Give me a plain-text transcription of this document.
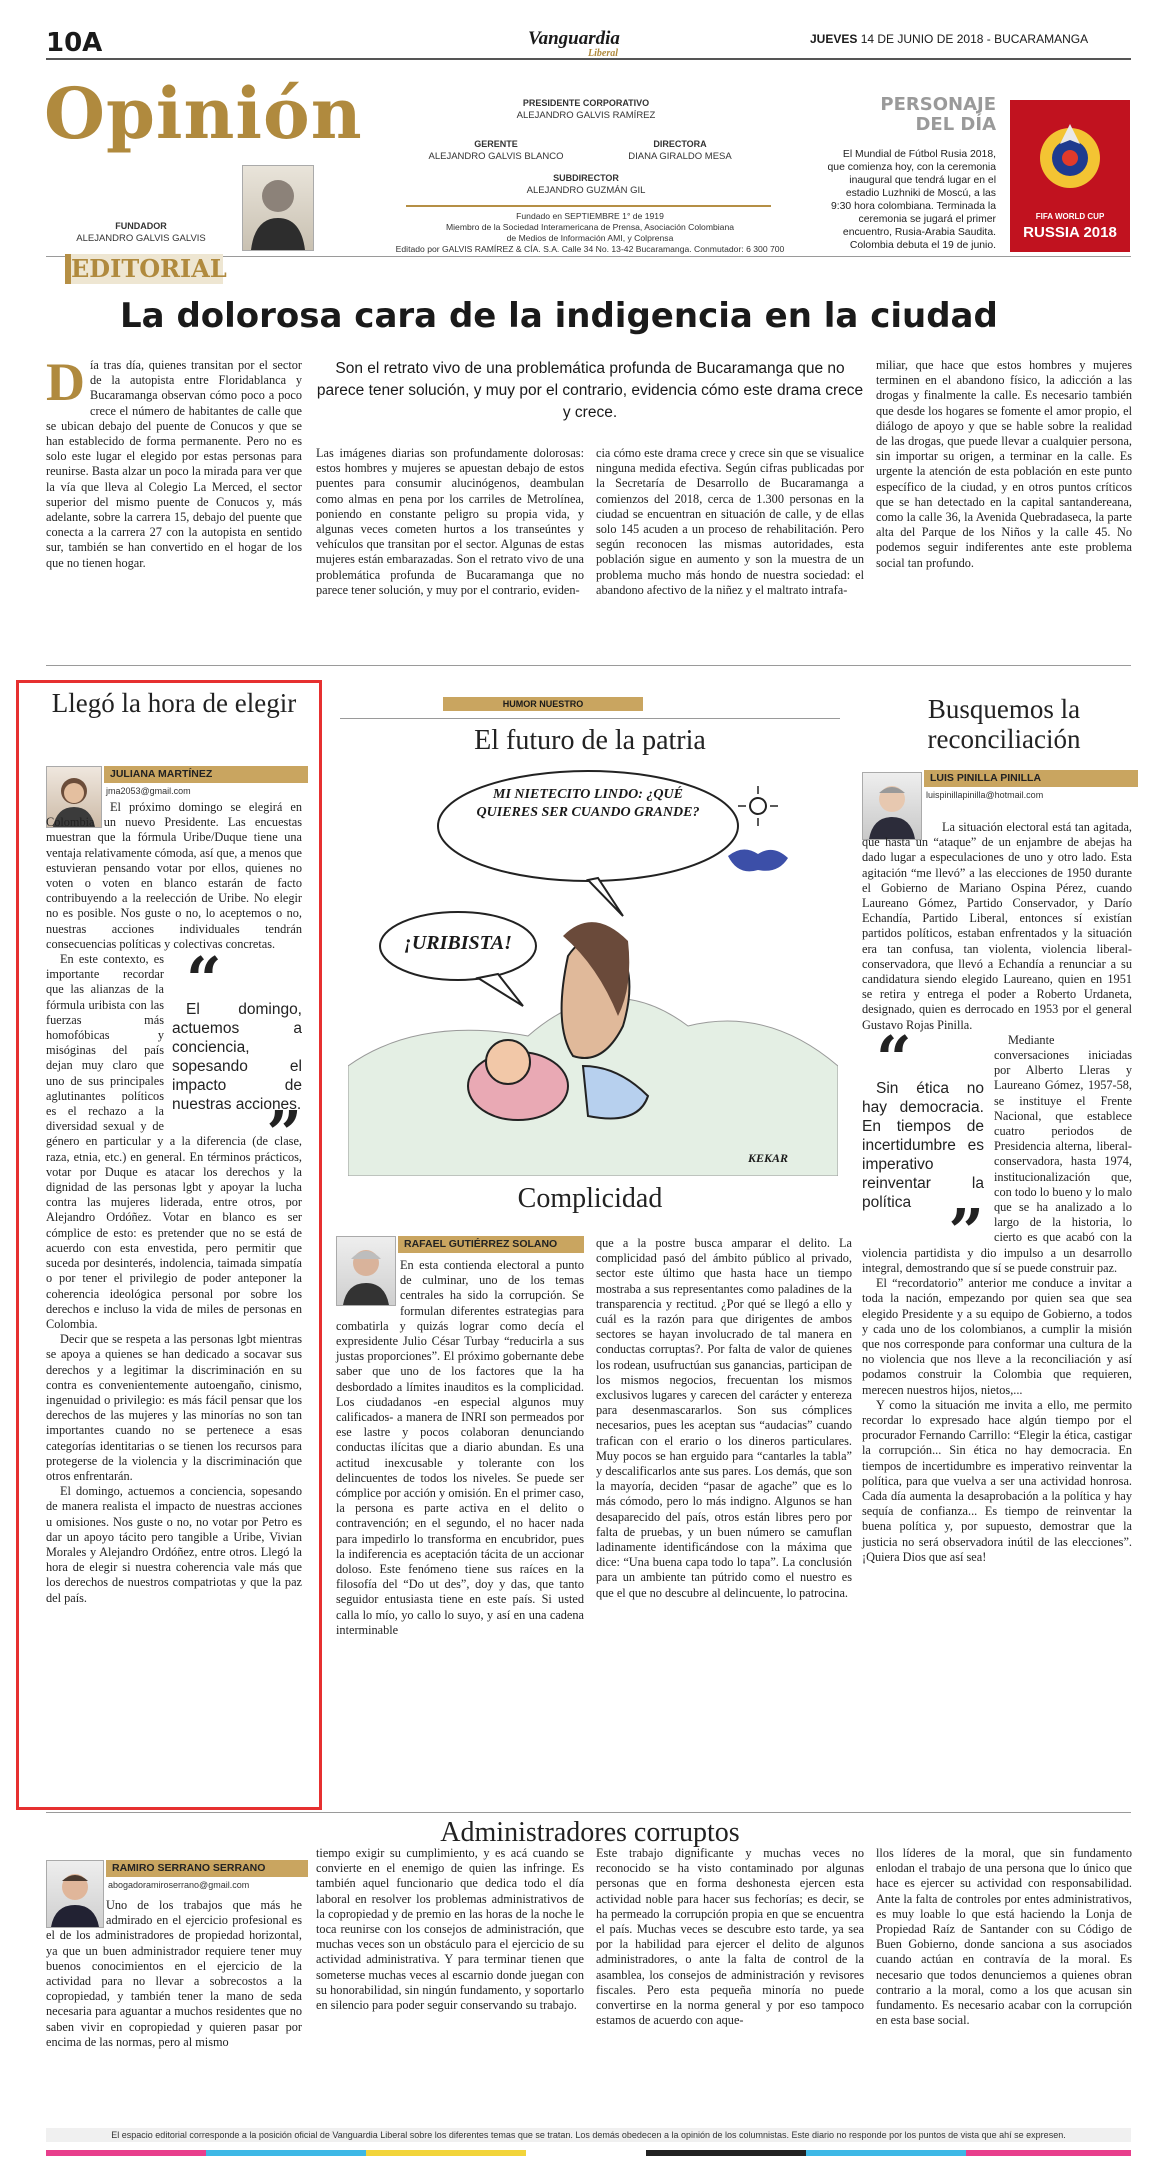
10A	Vanguardia
Liberal
JUEVES 14 DE JUNIO DE 2018 - BUCARAMANGA
Opinión
FUNDADOR
ALEJANDRO GALVIS GALVIS
PRESIDENTE CORPORATIVO
ALEJANDRO GALVIS RAMÍREZ
GERENTE
ALEJANDRO GALVIS BLANCO
DIRECTORA
DIANA GIRALDO MESA
SUBDIRECTOR
ALEJANDRO GUZMÁN GIL
Fundado en SEPTIEMBRE 1° de 1919
Miembro de la Sociedad Interamericana de Prensa, Asociación Colombiana
de Medios de Información AMI, y Colprensa
Editado por GALVIS RAMÍREZ & CÍA. S.A. Calle 34 No. 13-42 Bucaramanga. Conmutador: 6 300 700
PERSONAJE
DEL DÍA
El Mundial de Fútbol Rusia 2018, que comienza hoy, con la ceremonia inaugural que tendrá lugar en el estadio Luzhniki de Moscú, a las 9:30 hora colombiana. Terminada la ceremonia se jugará el primer encuentro, Rusia-Arabia Saudita. Colombia debuta el 19 de junio.
FIFA WORLD CUP
RUSSIA 2018
EDITORIAL
La dolorosa cara de la indigencia en la ciudad
Día tras día, quienes transitan por el sector de la autopista entre Floridablanca y Bucaramanga observan cómo poco a poco crece el número de habitantes de calle que se ubican debajo del puente de Conucos y que se han establecido de forma permanente. Pero no es solo este lugar el elegido por estas personas para reunirse. Basta alzar un poco la mirada para ver que la vía que lleva al Colegio La Merced, el sector superior del mismo puente de Conucos y, más adelante, sobre la carrera 15, debajo del puente que conecta a la carrera 27 con la autopista en sentido sur, también se han convertido en el hogar de los que no tienen hogar.
Son el retrato vivo de una problemática profunda de Bucaramanga que no parece tener solución, y muy por el contrario, evidencia cómo este drama crece y crece.
Las imágenes diarias son profundamente dolorosas: estos hombres y mujeres se apuestan debajo de estos puentes para consumir alucinógenos, deambulan como almas en pena por los carriles de Metrolínea, poniendo en constante peligro su propia vida, y algunas veces cometen hurtos a los transeúntes y vehículos que transitan por el sector. Algunas de estas mujeres están embarazadas. Son el retrato vivo de una problemática profunda de Bucaramanga que no parece tener solución, y muy por el contrario, eviden-
cia cómo este drama crece y crece sin que se visualice ninguna medida efectiva. Según cifras publicadas por la Secretaría de Desarrollo de Bucaramanga a comienzos del 2018, cerca de 1.300 personas en la ciudad se encuentran en situación de calle, y de ellas solo 145 acuden a un proceso de rehabilitación. Pero según reconocen las mismas autoridades, esta población sigue en aumento y son la muestra de un problema mucho más hondo de nuestra sociedad: el abandono afectivo de la niñez y el maltrato intrafa-
miliar, que hace que estos hombres y mujeres terminen en el abandono físico, la adicción a las drogas y finalmente la calle. Es necesario también que desde los hogares se fomente el amor propio, el diálogo de apoyo y que se hable sobre la realidad de las drogas, que puede llevar a cualquier persona, sin importar su origen, a terminar en la calle. Es urgente la atención de esta población en este punto específico de la ciudad, y en otros puntos críticos que se han detectado en la capital santandereana, como la calle 36, la Avenida Quebradaseca, la parte alta del Parque de los Niños y la calle 45. No podemos seguir indiferentes ante este problema social tan profundo.
Llegó la hora de elegir
JULIANA MARTÍNEZ
jma2053@gmail.com

El próximo domingo se elegirá en Colombia un nuevo Presidente. Las encuestas muestran que la fórmula Uribe/Duque tiene una ventaja relativamente cómoda, así que, a menos que estuvieran pensando votar por ellos, quienes no voten o voten en blanco estarán de facto contribuyendo a la reelección de Uribe. No elegir no es posible. Nos guste o no, lo aceptemos o no, nuestras acciones individuales tendrán consecuencias políticas y colectivas concretas.

“
El domingo, actuemos a conciencia, sopesando el impacto de nuestras acciones.
”
En este contexto, es importante recordar que las alianzas de la fórmula uribista con las fuerzas más homofóbicas y misóginas del país dejan muy claro que uno de sus principales aglutinantes políticos es el rechazo a la diversidad sexual y de género en particular y a la diferencia (de clase, raza, etnia, etc.) en general. En términos prácticos, votar por Duque es atacar los derechos y la dignidad de las personas lgbt y apoyar la lucha contra las mujeres liderada, entre otros, por Alejandro Ordóñez. Votar en blanco es ser cómplice de esto: es pretender que no se está de acuerdo con esta envestida, pero permitir que suceda por desinterés, indolencia, taimada simpatía o por tener el privilegio de poder anteponer la coherencia ideológica personal por sobre los derechos e incluso la vida de miles de personas en Colombia.

Decir que se respeta a las personas lgbt mientras se apoya a quienes se han dedicado a socavar sus derechos y a legitimar la discriminación en su contra es convenientemente autoengaño, cinismo, ingenuidad o privilegio: es más fácil pensar que los derechos de las mujeres y las minorías no son tan importantes cuando no se pertenece a esas categorías identitarias o se tienen los recursos para protegerse de la violencia y la discriminación que otros enfrentarán.

El domingo, actuemos a conciencia, sopesando de manera realista el impacto de nuestras acciones u omisiones. Nos guste o no, no votar por Petro es dar un apoyo tácito pero tangible a Uribe, Vivian Morales y Alejandro Ordóñez, entre otros. Llegó la hora de elegir si nuestra coherencia vale más que los derechos de nuestros compatriotas y que la paz del país.

HUMOR NUESTRO
El futuro de la patria
MI NIETECITO LINDO: ¿QUÉ QUIERES SER CUANDO GRANDE?
¡URIBISTA!
KEKAR
Busquemos la reconciliación
LUIS PINILLA PINILLA
luispinillapinilla@hotmail.com

La situación electoral está tan agitada, que hasta un “ataque” de un enjambre de abejas ha dado lugar a especulaciones de uno y otro lado. Esta agitación “me llevó” a las elecciones de 1950 durante el Gobierno de Mariano Ospina Pérez, cuando Laureano Gómez, Partido Conservador, y Darío Echandía, Partido Liberal, entonces sí existían partidos políticos, estaban enfrentados y la situación era tan confusa, tan violenta, violencia liberal-conservadora, que llevó a Echandía a renunciar a su candidatura siendo elegido Laureano, quien en 1951 se retira y entrega el poder a Roberto Urdaneta, designado, quien es derrocado en 1953 por el general Gustavo Rojas Pinilla.

“
Sin ética no hay democracia. En tiempos de incertidumbre es imperativo reinventar la política ”
Mediante conversaciones iniciadas por Alberto Lleras y Laureano Gómez, 1957-58, se instituye el Frente Nacional, que establece cuatro periodos de Presidencia alterna, liberal-conservadora, hasta 1974, institucionalización que, con todo lo bueno y lo malo que se ha analizado a lo largo de la historia, lo cierto es que acabó con la violencia partidista y dio impulso a un desarrollo integral, demostrando que sí se puede construir paz.

El “recordatorio” anterior me conduce a invitar a toda la nación, empezando por quien sea que sea elegido Presidente y a su equipo de Gobierno, a todos y cada uno de los colombianos, a cumplir la misión que nos corresponde para conformar una cultura de la no violencia que nos lleve a la reconciliación y así podamos construir la Colombia que requieren, merecen nuestros hijos, nietos,...

Y como la situación me invita a ello, me permito recordar lo expresado hace algún tiempo por el procurador Fernando Carrillo: “Elegir la ética, castigar la corrupción... Sin ética no hay democracia. En tiempos de incertidumbre es imperativo reinventar la política, para que vuelva a ser una actividad honrosa. Cada día aumenta la desaprobación a la política y hay sequía de confianza... Es tiempo de reinventar la buena política y, por supuesto, demostrar que la justicia no será observadora inútil de las elecciones”. ¡Quiera Dios que así sea!

Complicidad
RAFAEL GUTIÉRREZ SOLANO
En esta contienda electoral a punto de culminar, uno de los temas centrales ha sido la corrupción. Se formulan diferentes estrategias para combatirla y quizás lograr como decía el expresidente Julio César Turbay “reducirla a sus justas proporciones”. El próximo gobernante debe saber que uno de los factores que la ha desbordado a límites inauditos es la complicidad. Los ciudadanos -en especial algunos muy calificados- a manera de INRI son permeados por ese lastre y pocos colaboran denunciando conductas ilícitas que a diario abundan. Es una actitud inexcusable y tolerante con los delincuentes de todos los niveles. Se puede ser cómplice por acción y omisión. En el primer caso, la persona es parte activa en el delito o contravención; en el segundo, el no hacer nada para impedirlo lo transforma en encubridor, pues la indiferencia es aceptación tácita de un accionar doloso. Este fenómeno tiene sus raíces en la filosofía del “Do ut des”, doy y das, que tanto seguidor entusiasta tiene en este país. Si usted calla lo mío, yo callo lo suyo, y así en una cadena interminable
que a la postre busca amparar el delito. La complicidad pasó del ámbito público al privado, sector este último que hasta hace un tiempo mostraba a sus representantes como paladines de la transparencia y rectitud. ¿Por qué se llegó a ello y cuál es la razón para que dirigentes de ambos sectores se hayan involucrado de tal manera en conductas corruptas?. Por falta de valor de quienes los rodean, usufructúan sus ganancias, participan de los mismos negocios, frecuentan los mismos exclusivos lugares y carecen del carácter y entereza para desenmascararlos. Son sus cómplices necesarios, pues les aceptan sus “audacias” cuando trafican con el erario o los dineros particulares. Muy pocos se han erguido para “cantarles la tabla” y descalificarlos ante sus pares. Los demás, que son la mayoría, deciden “pasar de agache” que es lo más cómodo, pero lo más indigno. Algunos se han desaparecido del país, otros están libres pero por falta de pruebas, y un buen número se camuflan ladinamente identificándose con la máxima que dice: “Una buena capa todo lo tapa”. La conclusión para un ambiente tan pútrido como el nuestro es que el que no descubre al delincuente, lo patrocina.
Administradores corruptos
RAMIRO SERRANO SERRANO
abogadoramiroserrano@gmail.com
Uno de los trabajos que más he admirado en el ejercicio profesional es el de los administradores de propiedad horizontal, ya que un buen administrador requiere tener muy buenos conocimientos en el ejercicio de la actividad para no llevar a sobrecostos a la copropiedad, y también tener la mano de seda necesaria para aguantar a muchos residentes que no saben vivir en copropiedad y quieren pasar por encima de las normas, pero al mismo
tiempo exigir su cumplimiento, y es acá cuando se convierte en el enemigo de quien las infringe. Es también aquel funcionario que dedica todo el día laboral en resolver los problemas administrativos de la copropiedad y de premio en las horas de la noche le toca reunirse con los consejos de administración, que muchas veces son un obstáculo para el ejercicio de su actividad administrativa. Y para terminar tienen que someterse muchas veces al escarnio donde juegan con su honorabilidad, sin ningún fundamento, y soportarlo en silencio para poder seguir conservando su trabajo.
Este trabajo dignificante y muchas veces no reconocido se ha visto contaminado por algunas personas que en forma deshonesta ejercen esta actividad noble para hacer sus fechorías; es decir, se ha permeado la corrupción propia en que se encuentra el país. Muchas veces se descubre esto tarde, ya sea por la habilidad para ejercer el delito de algunos administradores, o ante la falta de control de la asamblea, los consejos de administración y revisores fiscales. Pero esta pequeña minoría no puede convertirse en la norma general y por eso tampoco estamos de acuerdo con aque-
llos líderes de la moral, que sin fundamento enlodan el trabajo de una persona que lo único que hace es ejercer su actividad con responsabilidad. Ante la falta de controles por entes administrativos, es muy loable lo que está haciendo la Lonja de Propiedad Raíz de Santander con su Código de Buen Gobierno, donde sanciona a sus asociados cuando actúan en contravía de la moral. Es necesario que todos denunciemos a quienes obran contrario a la moral, como a los que acusan sin fundamento. Es necesario acabar con la corrupción en esta base social.
El espacio editorial corresponde a la posición oficial de Vanguardia Liberal sobre los diferentes temas que se tratan. Los demás obedecen a la opinión de los columnistas. Este diario no responde por los puntos de vista que ahí se expresen.
